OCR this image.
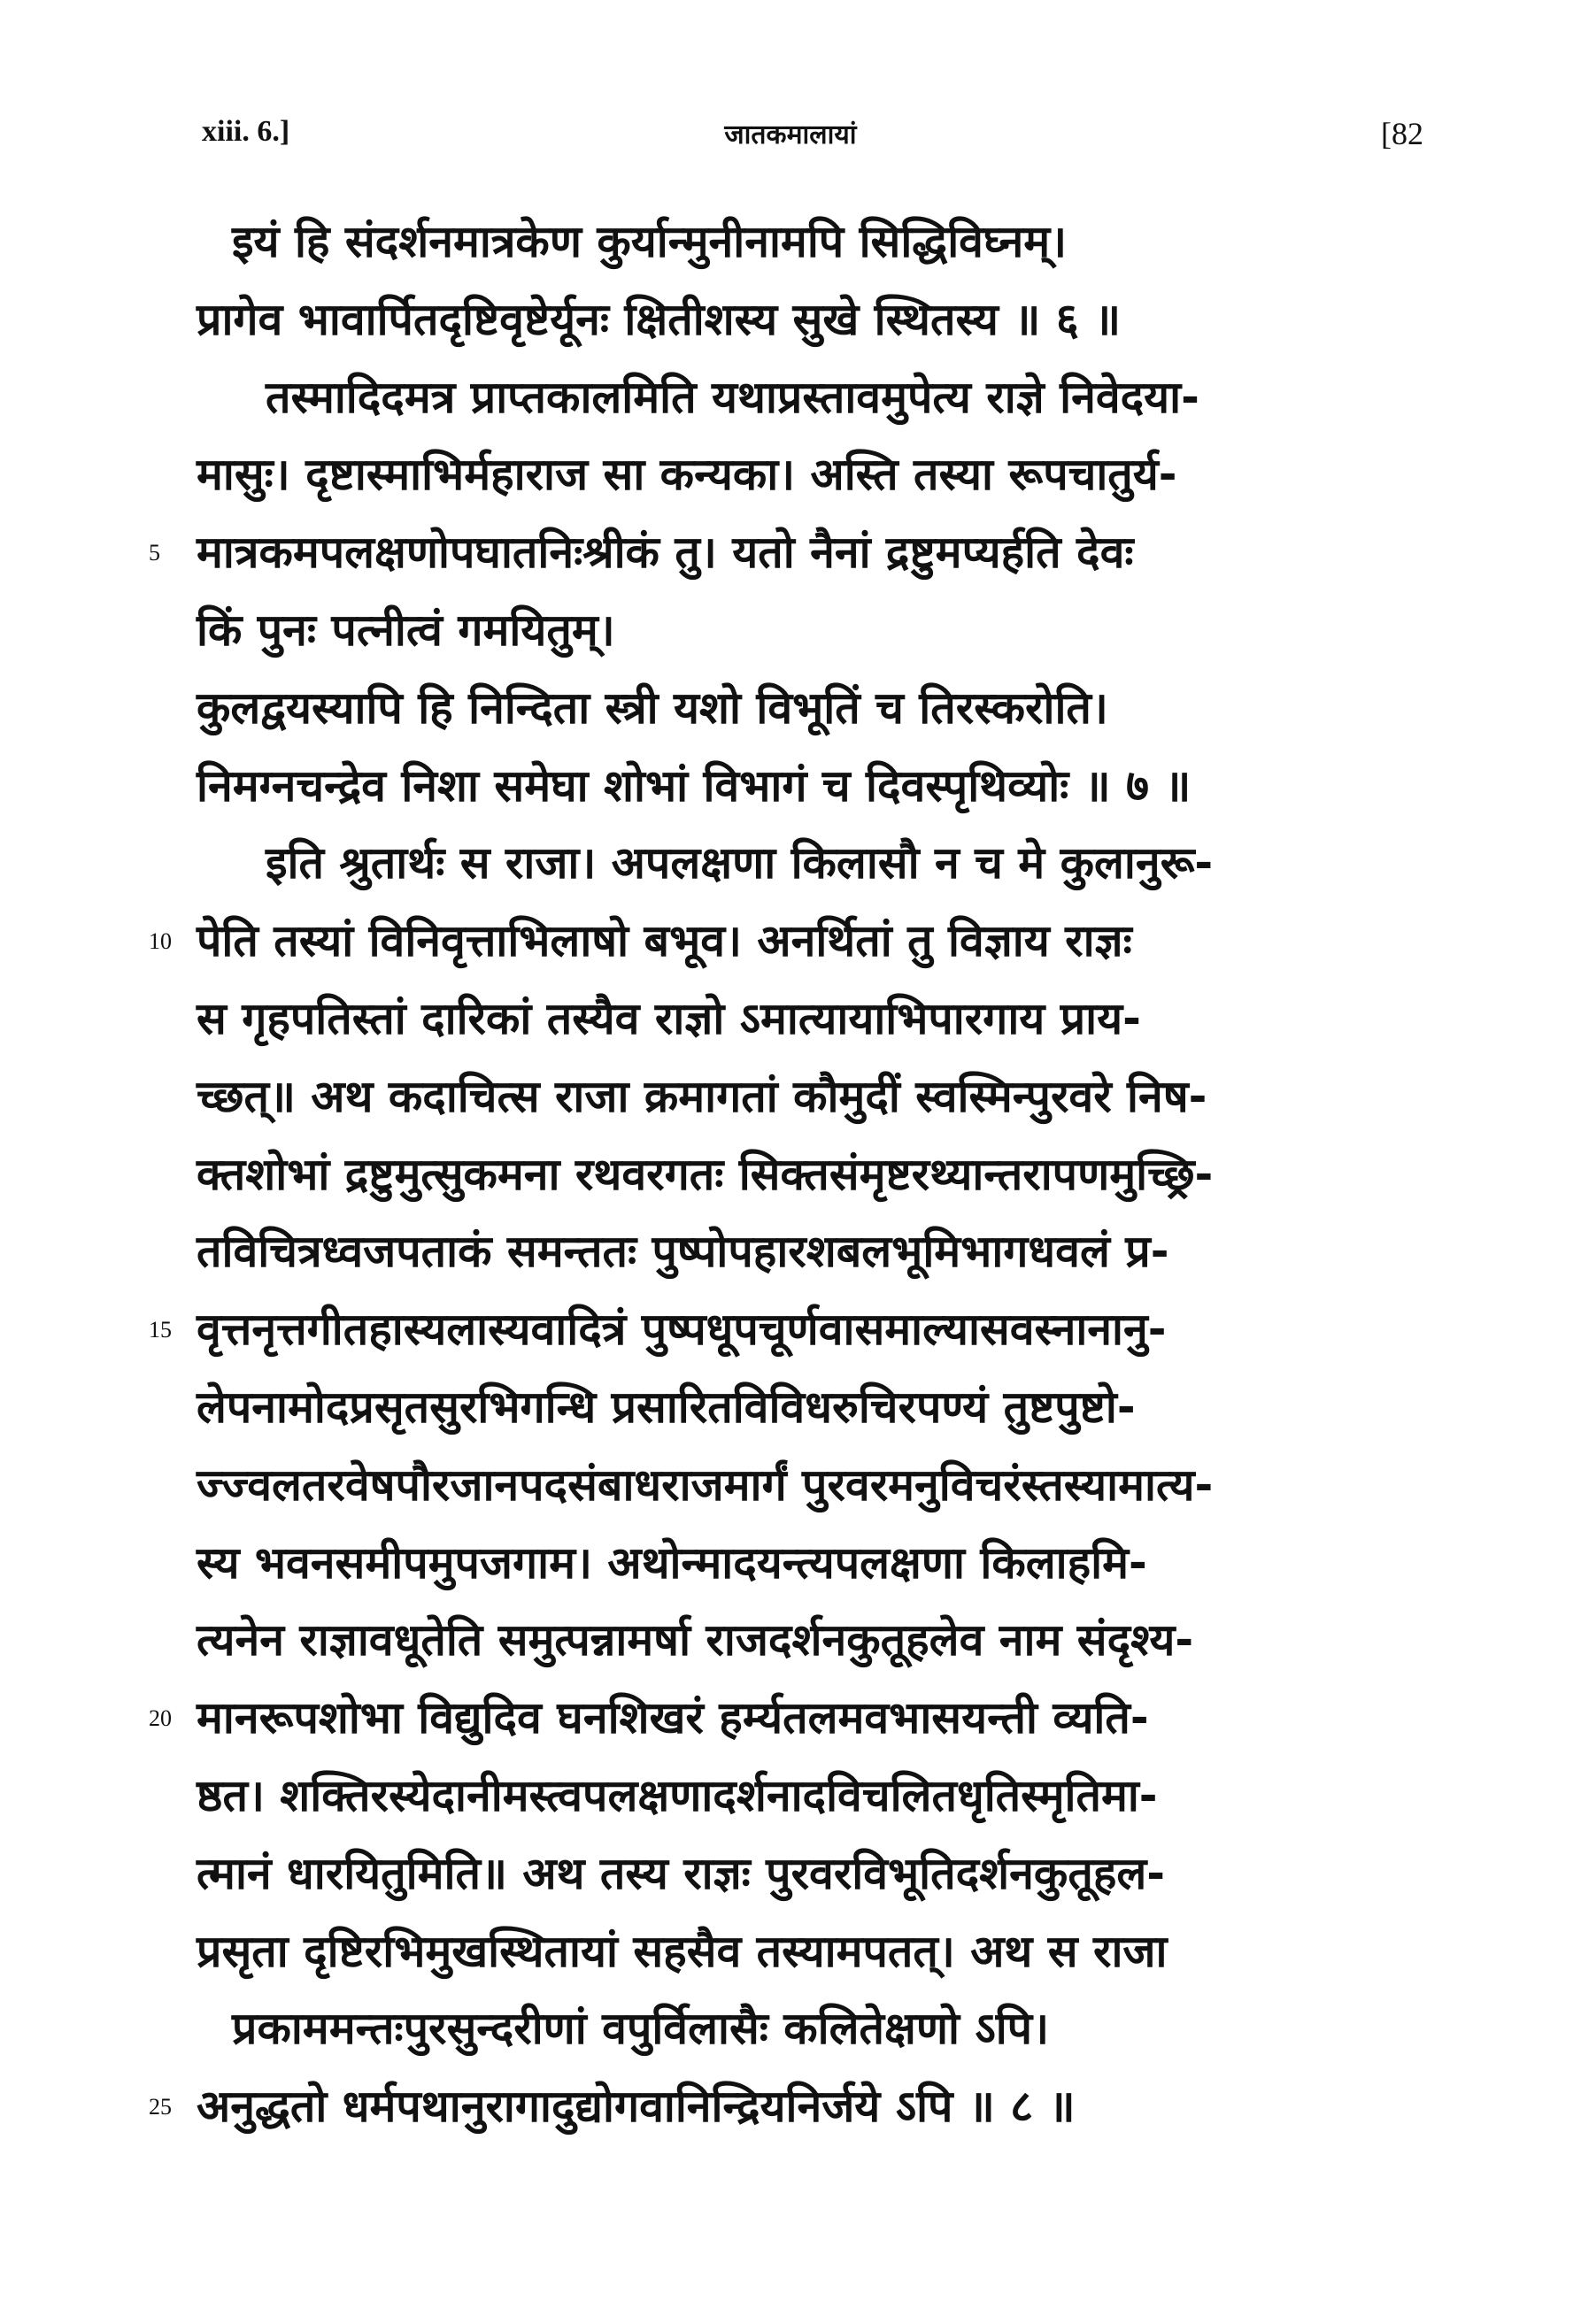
xiii. 6.]	जातकमालायां	[82
इयं हि संदर्शनमात्रकेण कुर्यान्मुनीनामपि सिद्धिविघ्नम्।
प्रागेव भावार्पितदृष्टिवृष्टेर्यूनः क्षितीशस्य सुखे स्थितस्य ॥ ६ ॥
तस्मादिदमत्र प्राप्तकालमिति यथाप्रस्तावमुपेत्य राज्ञे निवेदया-
मासुः। दृष्टास्माभिर्महाराज सा कन्यका। अस्ति तस्या रूपचातुर्य-
5 मात्रकमपलक्षणोपघातनिःश्रीकं तु। यतो नैनां द्रष्टुमप्यर्हति देवः
किं पुनः पत्नीत्वं गमयितुम्।
कुलद्वयस्यापि हि निन्दिता स्त्री यशो विभूतिं च तिरस्करोति।
निमग्नचन्द्रेव निशा समेघा शोभां विभागं च दिवस्पृथिव्योः ॥ ७ ॥
इति श्रुतार्थः स राजा। अपलक्षणा किलासौ न च मे कुलानुरू-
10 पेति तस्यां विनिवृत्ताभिलाषो बभूव। अनर्थितां तु विज्ञाय राज्ञः
स गृहपतिस्तां दारिकां तस्यैव राज्ञो ऽमात्यायाभिपारगाय प्राय-
च्छत्॥ अथ कदाचित्स राजा क्रमागतां कौमुदीं स्वस्मिन्पुरवरे निष-
क्तशोभां द्रष्टुमुत्सुकमना रथवरगतः सिक्तसंमृष्टरथ्यान्तरापणमुच्छ्रि-
तविचित्रध्वजपताकं समन्ततः पुष्पोपहारशबलभूमिभागधवलं प्र-
15 वृत्तनृत्तगीतहास्यलास्यवादित्रं पुष्पधूपचूर्णवासमाल्यासवस्नानानु-
लेपनामोदप्रसृतसुरभिगन्धि प्रसारितविविधरुचिरपण्यं तुष्टपुष्टो-
ज्ज्वलतरवेषपौरजानपदसंबाधराजमार्गं पुरवरमनुविचरंस्तस्यामात्य-
स्य भवनसमीपमुपजगाम। अथोन्मादयन्त्यपलक्षणा किलाहमि-
त्यनेन राज्ञावधूतेति समुत्पन्नामर्षा राजदर्शनकुतूहलेव नाम संदृश्य-
20 मानरूपशोभा विद्युदिव घनशिखरं हर्म्यतलमवभासयन्ती व्यति-
ष्ठत। शक्तिरस्येदानीमस्त्वपलक्षणादर्शनादविचलितधृतिस्मृतिमा-
त्मानं धारयितुमिति॥ अथ तस्य राज्ञः पुरवरविभूतिदर्शनकुतूहल-
प्रसृता दृष्टिरभिमुखस्थितायां सहसैव तस्यामपतत्। अथ स राजा
प्रकाममन्तःपुरसुन्दरीणां वपुर्विलासैः कलितेक्षणो ऽपि।
25 अनुद्धतो धर्मपथानुरागादुद्योगवानिन्द्रियनिर्जये ऽपि ॥ ८ ॥
